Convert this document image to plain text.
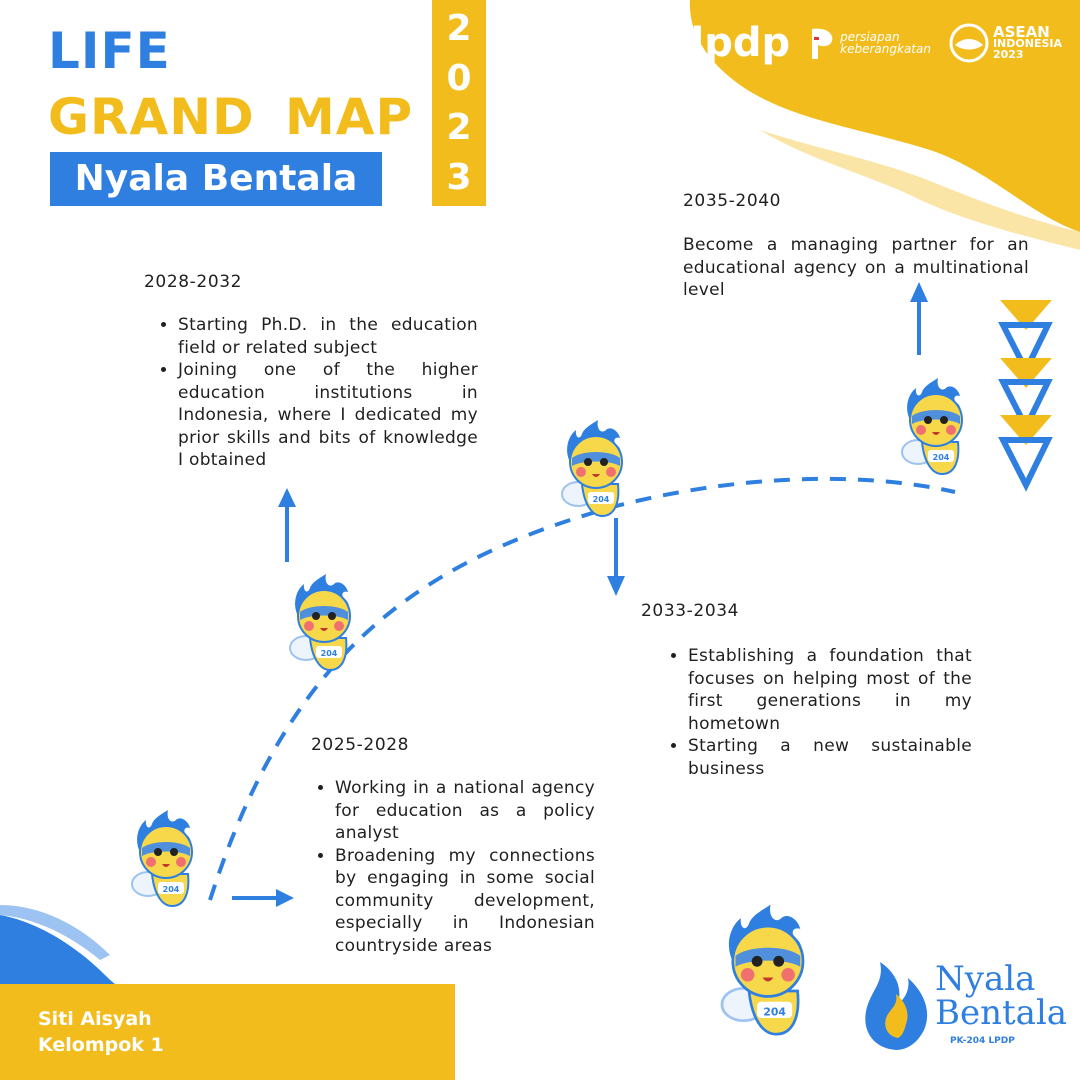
LIFE
GRAND MAP
Nyala Bentala
2
0
2
3
lpdp	persiapan
keberangkatan
ASEAN
INDONESIA
2023
204
2028-2032
• Starting Ph.D. in the education field or related subject
• Joining one of the higher education institutions in Indonesia, where I dedicated my prior skills and bits of knowledge I obtained
2035-2040
Become a managing partner for an educational agency on a multinational level
2033-2034
• Establishing a foundation that focuses on helping most of the first generations in my hometown
• Starting a new sustainable business
2025-2028
• Working in a national agency for education as a policy analyst
• Broadening my connections by engaging in some social community development, especially in Indonesian countryside areas
Siti Aisyah
Kelompok 1
Nyala
Bentala
PK-204 LPDP
